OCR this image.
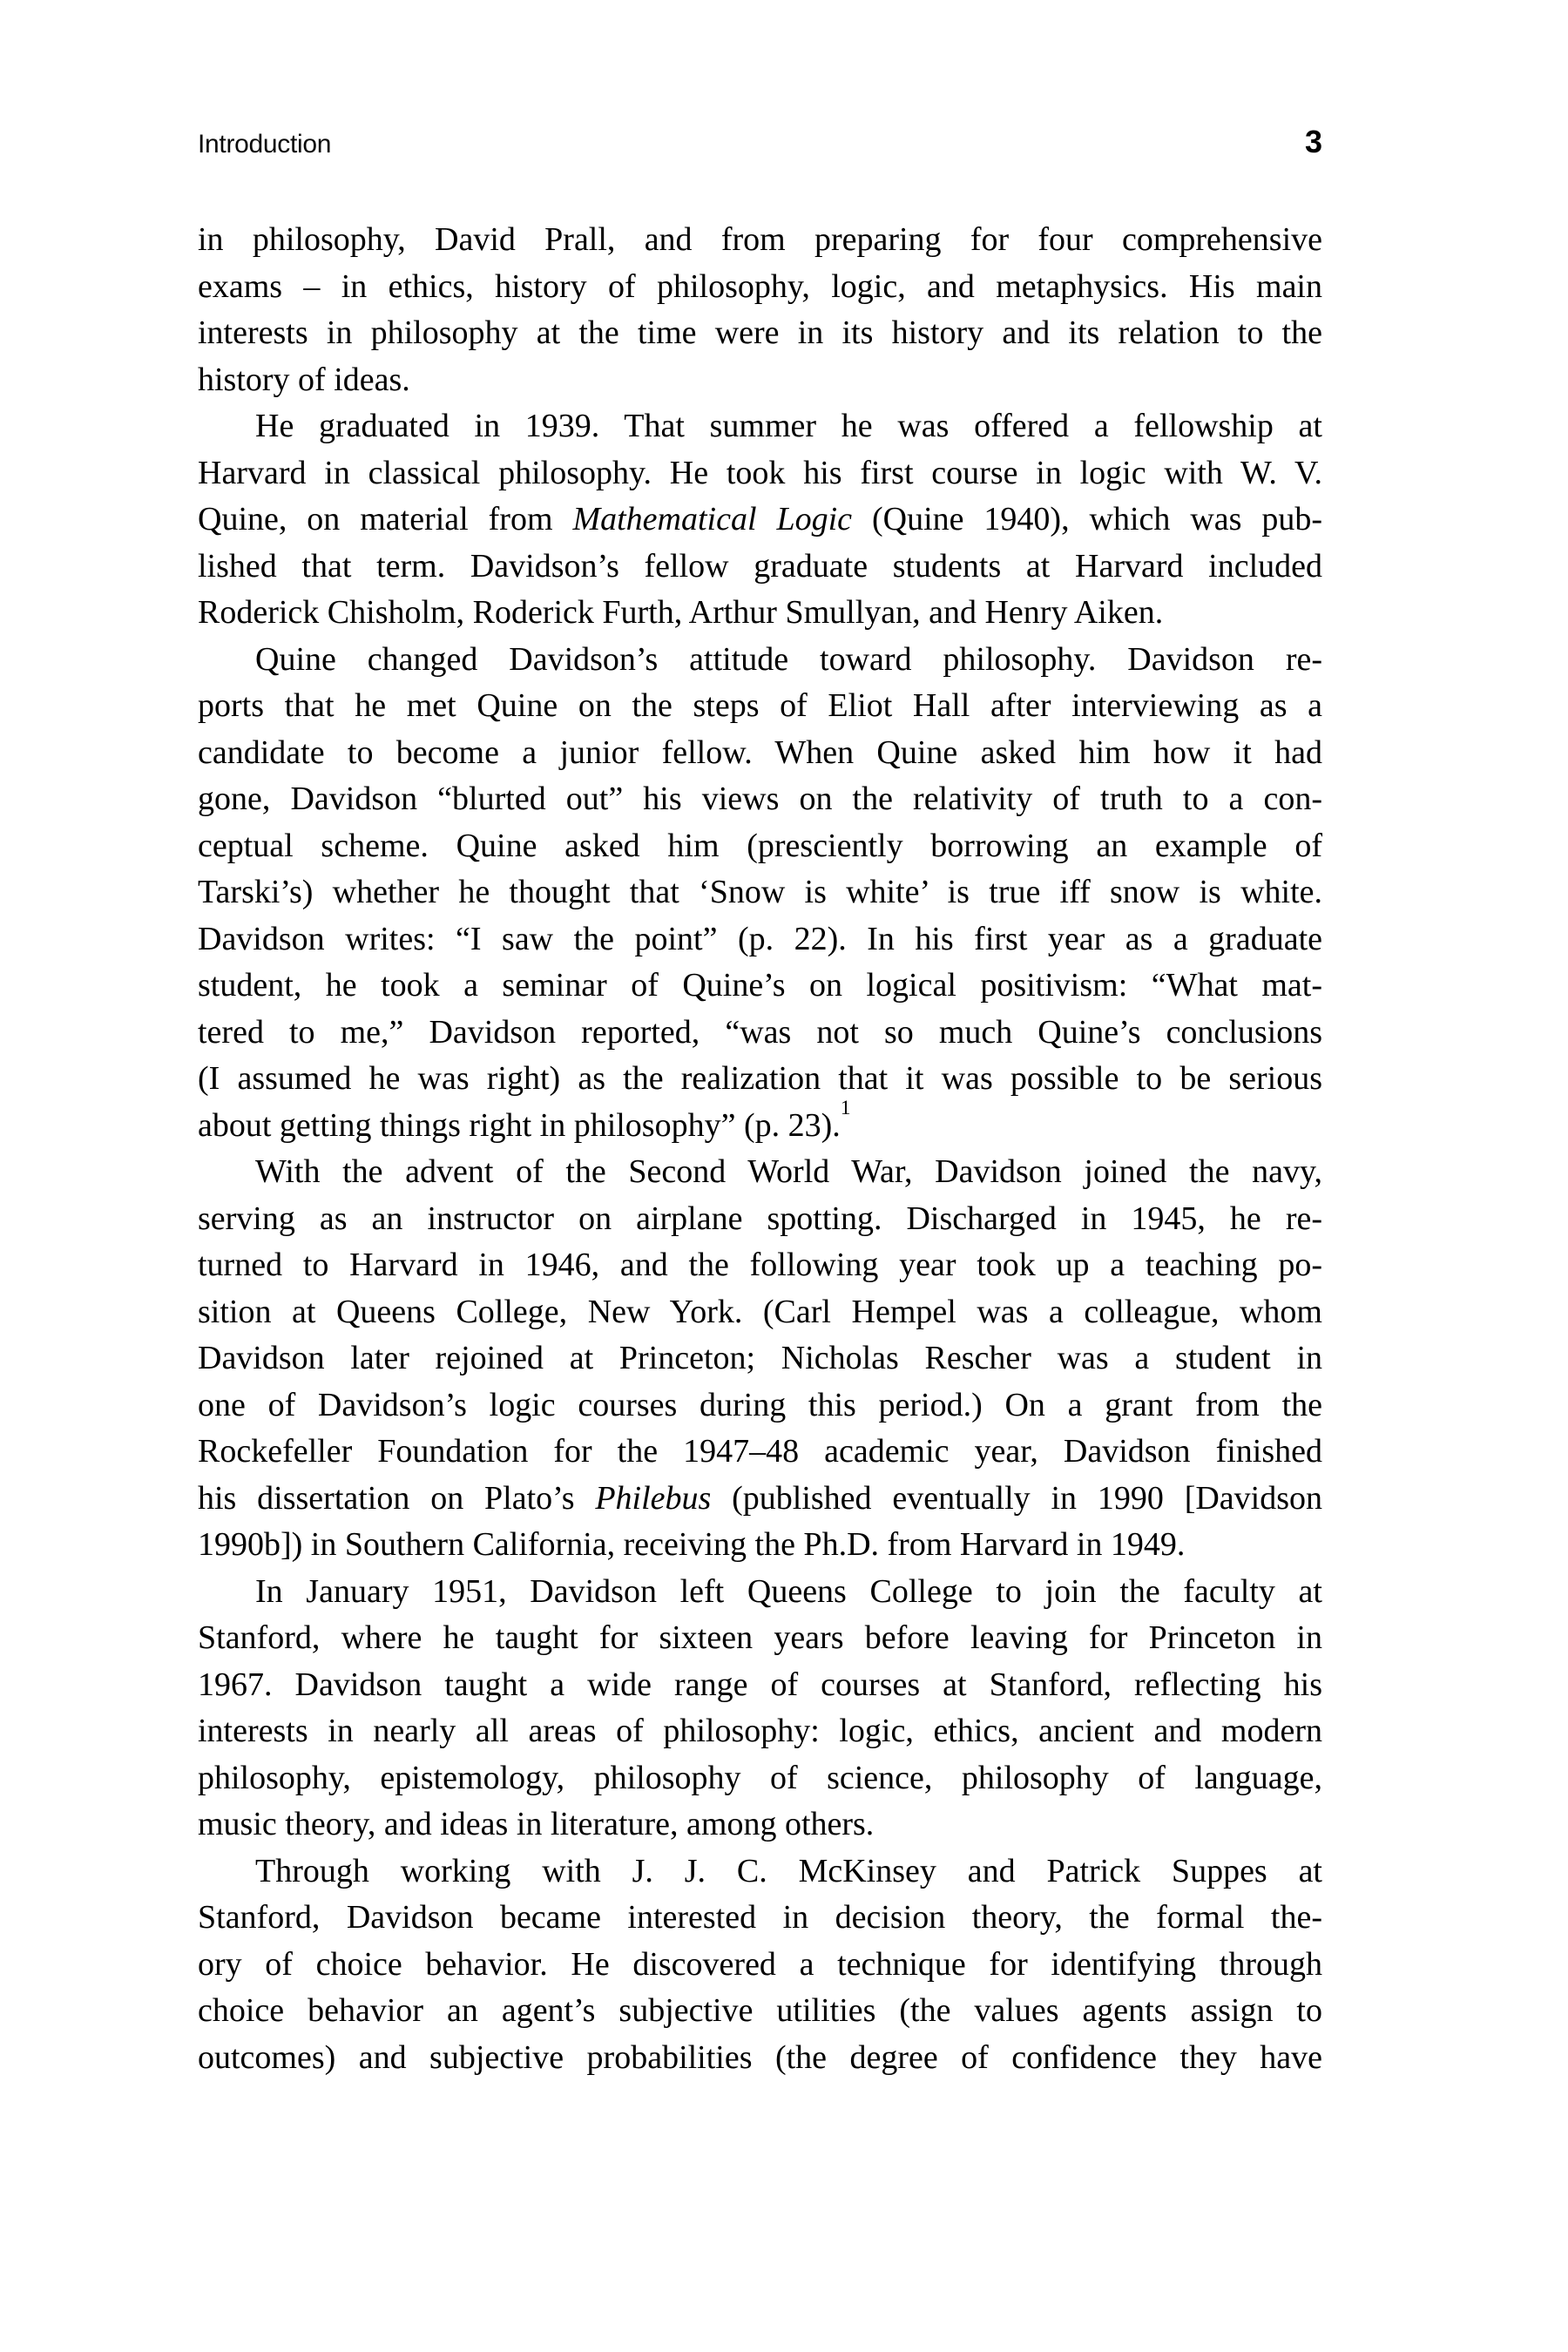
Introduction	3
in philosophy, David Prall, and from preparing for four comprehensive
exams – in ethics, history of philosophy, logic, and metaphysics. His main
interests in philosophy at the time were in its history and its relation to the
history of ideas.
He graduated in 1939. That summer he was offered a fellowship at
Harvard in classical philosophy. He took his first course in logic with W. V.
Quine, on material from Mathematical Logic (Quine 1940), which was pub-
lished that term. Davidson’s fellow graduate students at Harvard included
Roderick Chisholm, Roderick Furth, Arthur Smullyan, and Henry Aiken.
Quine changed Davidson’s attitude toward philosophy. Davidson re-
ports that he met Quine on the steps of Eliot Hall after interviewing as a
candidate to become a junior fellow. When Quine asked him how it had
gone, Davidson “blurted out” his views on the relativity of truth to a con-
ceptual scheme. Quine asked him (presciently borrowing an example of
Tarski’s) whether he thought that ‘Snow is white’ is true iff snow is white.
Davidson writes: “I saw the point” (p. 22). In his first year as a graduate
student, he took a seminar of Quine’s on logical positivism: “What mat-
tered to me,” Davidson reported, “was not so much Quine’s conclusions
(I assumed he was right) as the realization that it was possible to be serious
about getting things right in philosophy” (p. 23).$^1$
With the advent of the Second World War, Davidson joined the navy,
serving as an instructor on airplane spotting. Discharged in 1945, he re-
turned to Harvard in 1946, and the following year took up a teaching po-
sition at Queens College, New York. (Carl Hempel was a colleague, whom
Davidson later rejoined at Princeton; Nicholas Rescher was a student in
one of Davidson’s logic courses during this period.) On a grant from the
Rockefeller Foundation for the 1947–48 academic year, Davidson finished
his dissertation on Plato’s Philebus (published eventually in 1990 [Davidson
1990b]) in Southern California, receiving the Ph.D. from Harvard in 1949.
In January 1951, Davidson left Queens College to join the faculty at
Stanford, where he taught for sixteen years before leaving for Princeton in
1967. Davidson taught a wide range of courses at Stanford, reflecting his
interests in nearly all areas of philosophy: logic, ethics, ancient and modern
philosophy, epistemology, philosophy of science, philosophy of language,
music theory, and ideas in literature, among others.
Through working with J. J. C. McKinsey and Patrick Suppes at
Stanford, Davidson became interested in decision theory, the formal the-
ory of choice behavior. He discovered a technique for identifying through
choice behavior an agent’s subjective utilities (the values agents assign to
outcomes) and subjective probabilities (the degree of confidence they have
